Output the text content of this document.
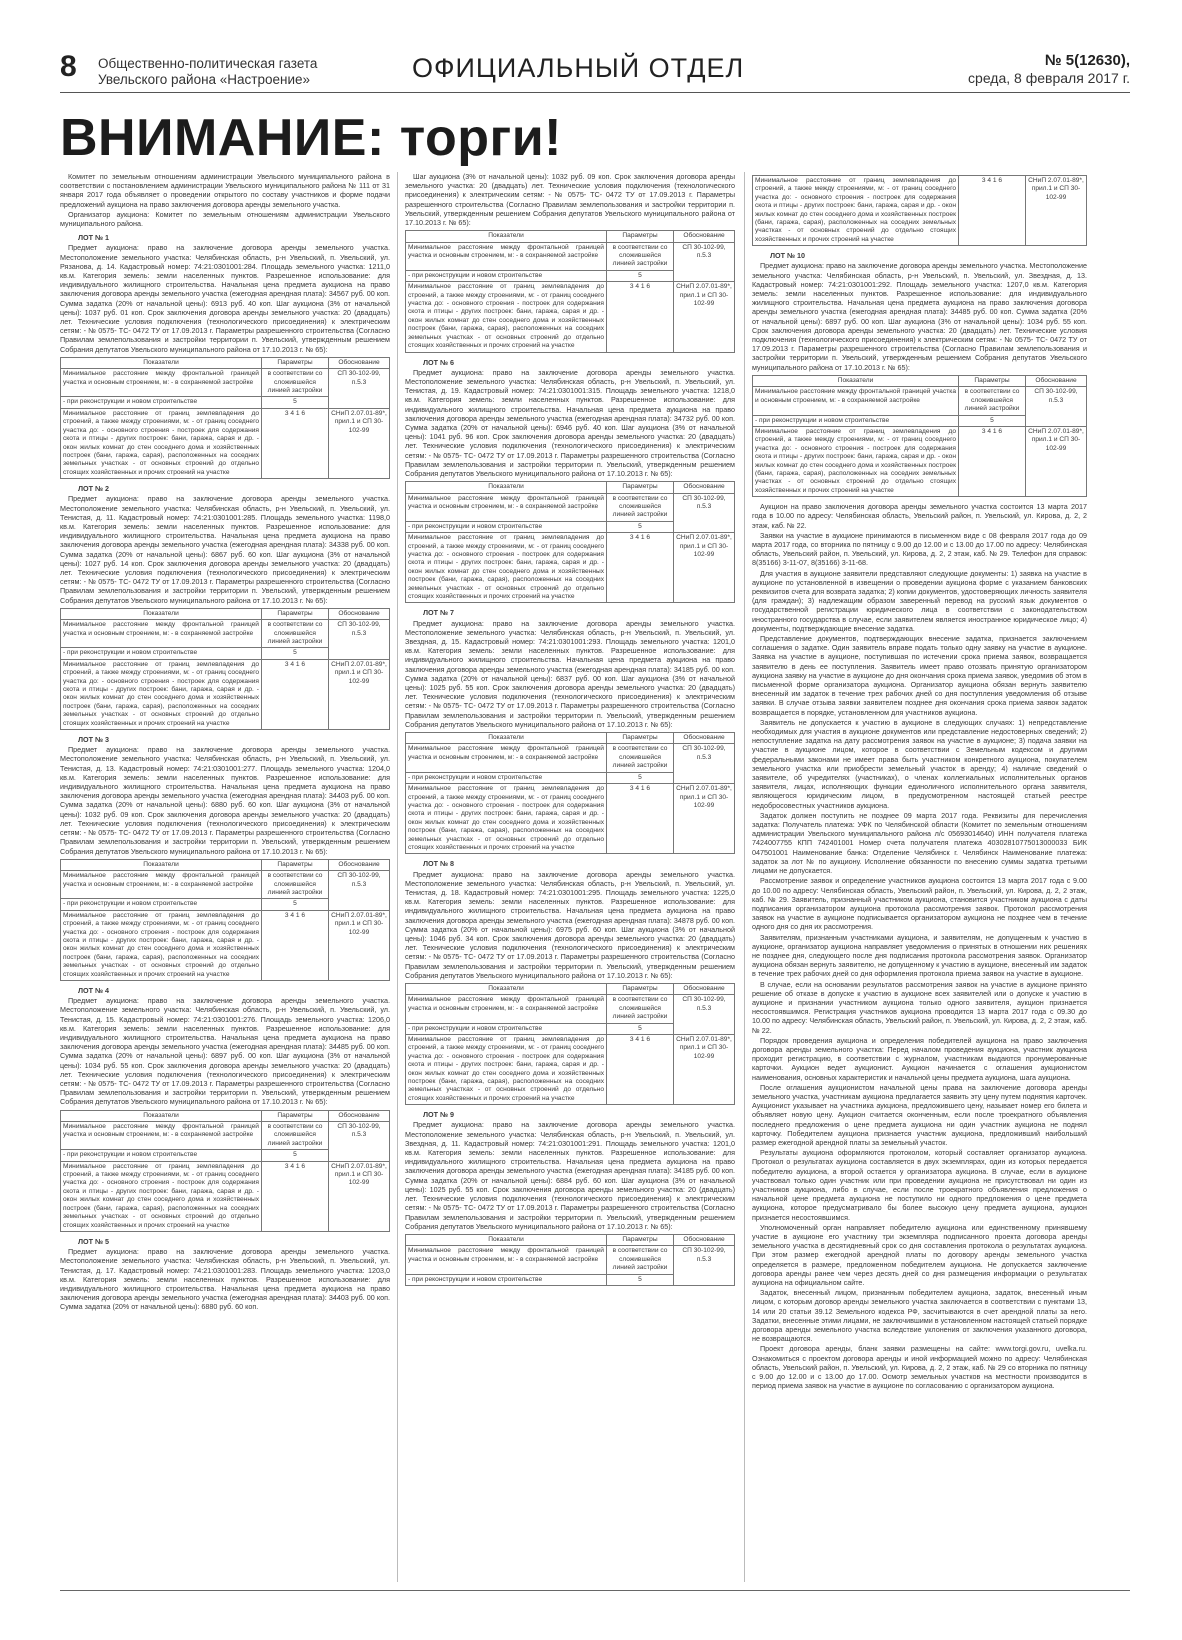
8 Общественно-политическая газета
Увельского района «Настроение»	ОФИЦИАЛЬНЫЙ ОТДЕЛ	№ 5(12630),
среда, 8 февраля 2017 г.
ВНИМАНИЕ: торги!

Комитет по земельным отношениям администрации Увельского муниципального района в соответствии с постановлением администрации Увельского муниципального района № 111 от 31 января 2017 года объявляет о проведении открытого по составу участников и форме подачи предложений аукциона на право заключения договора аренды земельного участка.

Организатор аукциона: Комитет по земельным отношениям администрации Увельского муниципального района.

ЛОТ № 1

Предмет аукциона: право на заключение договора аренды земельного участка. Местоположение земельного участка: Челябинская область, р-н Увельский, п. Увельский, ул. Рязанова, д. 14. Кадастровый номер: 74:21:0301001:284. Площадь земельного участка: 1211,0 кв.м. Категория земель: земли населенных пунктов. Разрешенное использование: для индивидуального жилищного строительства. Начальная цена предмета аукциона на право заключения договора аренды земельного участка (ежегодная арендная плата): 34567 руб. 00 коп. Сумма задатка (20% от начальной цены): 6913 руб. 40 коп. Шаг аукциона (3% от начальной цены): 1037 руб. 01 коп. Срок заключения договора аренды земельного участка: 20 (двадцать) лет. Технические условия подключения (технологического присоединения) к электрическим сетям: - № 0575- ТС- 0472 ТУ от 17.09.2013 г. Параметры разрешенного строительства (Согласно Правилам землепользования и застройки территории п. Увельский, утвержденным решением Собрания депутатов Увельского муниципального района от 17.10.2013 г. № 65):

Показатели	Параметры	Обоснование
Минимальное расстояние между фронтальной границей участка и основным строением, м: - в сохраняемой застройке	в соответствии со сложившейся линией застройки	СП 30-102-99, п.5.3
- при реконструкции и новом строительстве	5	
Минимальное расстояние от границ землевладения до строений, а также между строениями, м: - от границ соседнего участка до: - основного строения - построек для содержания скота и птицы - других построек: бани, гаража, сарая и др. - окон жилых комнат до стен соседнего дома и хозяйственных построек (бани, гаража, сарая), расположенных на соседних земельных участках - от основных строений до отдельно стоящих хозяйственных и прочих строений на участке	3 4 1 6	СНиП 2.07.01-89*, прил.1 и СП 30-102-99
ЛОТ № 2

Предмет аукциона: право на заключение договора аренды земельного участка. Местоположение земельного участка: Челябинская область, р-н Увельский, п. Увельский, ул. Тенистая, д. 11. Кадастровый номер: 74:21:0301001:285. Площадь земельного участка: 1198,0 кв.м. Категория земель: земли населенных пунктов. Разрешенное использование: для индивидуального жилищного строительства. Начальная цена предмета аукциона на право заключения договора аренды земельного участка (ежегодная арендная плата): 34338 руб. 00 коп. Сумма задатка (20% от начальной цены): 6867 руб. 60 коп. Шаг аукциона (3% от начальной цены): 1027 руб. 14 коп. Срок заключения договора аренды земельного участка: 20 (двадцать) лет. Технические условия подключения (технологического присоединения) к электрическим сетям: - № 0575- ТС- 0472 ТУ от 17.09.2013 г. Параметры разрешенного строительства (Согласно Правилам землепользования и застройки территории п. Увельский, утвержденным решением Собрания депутатов Увельского муниципального района от 17.10.2013 г. № 65):

Показатели	Параметры	Обоснование
Минимальное расстояние между фронтальной границей участка и основным строением, м: - в сохраняемой застройке	в соответствии со сложившейся линией застройки	СП 30-102-99, п.5.3
- при реконструкции и новом строительстве	5	
Минимальное расстояние от границ землевладения до строений, а также между строениями, м: - от границ соседнего участка до: - основного строения - построек для содержания скота и птицы - других построек: бани, гаража, сарая и др. - окон жилых комнат до стен соседнего дома и хозяйственных построек (бани, гаража, сарая), расположенных на соседних земельных участках - от основных строений до отдельно стоящих хозяйственных и прочих строений на участке	3 4 1 6	СНиП 2.07.01-89*, прил.1 и СП 30-102-99
ЛОТ № 3

Предмет аукциона: право на заключение договора аренды земельного участка. Местоположение земельного участка: Челябинская область, р-н Увельский, п. Увельский, ул. Тенистая, д. 13. Кадастровый номер: 74:21:0301001:277. Площадь земельного участка: 1204,0 кв.м. Категория земель: земли населенных пунктов. Разрешенное использование: для индивидуального жилищного строительства. Начальная цена предмета аукциона на право заключения договора аренды земельного участка (ежегодная арендная плата): 34403 руб. 00 коп. Сумма задатка (20% от начальной цены): 6880 руб. 60 коп. Шаг аукциона (3% от начальной цены): 1032 руб. 09 коп. Срок заключения договора аренды земельного участка: 20 (двадцать) лет. Технические условия подключения (технологического присоединения) к электрическим сетям: - № 0575- ТС- 0472 ТУ от 17.09.2013 г. Параметры разрешенного строительства (Согласно Правилам землепользования и застройки территории п. Увельский, утвержденным решением Собрания депутатов Увельского муниципального района от 17.10.2013 г. № 65):

Показатели	Параметры	Обоснование
Минимальное расстояние между фронтальной границей участка и основным строением, м: - в сохраняемой застройке	в соответствии со сложившейся линией застройки	СП 30-102-99, п.5.3
- при реконструкции и новом строительстве	5	
Минимальное расстояние от границ землевладения до строений, а также между строениями, м: - от границ соседнего участка до: - основного строения - построек для содержания скота и птицы - других построек: бани, гаража, сарая и др. - окон жилых комнат до стен соседнего дома и хозяйственных построек (бани, гаража, сарая), расположенных на соседних земельных участках - от основных строений до отдельно стоящих хозяйственных и прочих строений на участке	3 4 1 6	СНиП 2.07.01-89*, прил.1 и СП 30-102-99
ЛОТ № 4

Предмет аукциона: право на заключение договора аренды земельного участка. Местоположение земельного участка: Челябинская область, р-н Увельский, п. Увельский, ул. Тенистая, д. 15. Кадастровый номер: 74:21:0301001:276. Площадь земельного участка: 1206,0 кв.м. Категория земель: земли населенных пунктов. Разрешенное использование: для индивидуального жилищного строительства. Начальная цена предмета аукциона на право заключения договора аренды земельного участка (ежегодная арендная плата): 34485 руб. 00 коп. Сумма задатка (20% от начальной цены): 6897 руб. 00 коп. Шаг аукциона (3% от начальной цены): 1034 руб. 55 коп. Срок заключения договора аренды земельного участка: 20 (двадцать) лет. Технические условия подключения (технологического присоединения) к электрическим сетям: - № 0575- ТС- 0472 ТУ от 17.09.2013 г. Параметры разрешенного строительства (Согласно Правилам землепользования и застройки территории п. Увельский, утвержденным решением Собрания депутатов Увельского муниципального района от 17.10.2013 г. № 65):

Показатели	Параметры	Обоснование
Минимальное расстояние между фронтальной границей участка и основным строением, м: - в сохраняемой застройке	в соответствии со сложившейся линией застройки	СП 30-102-99, п.5.3
- при реконструкции и новом строительстве	5	
Минимальное расстояние от границ землевладения до строений, а также между строениями, м: - от границ соседнего участка до: - основного строения - построек для содержания скота и птицы - других построек: бани, гаража, сарая и др. - окон жилых комнат до стен соседнего дома и хозяйственных построек (бани, гаража, сарая), расположенных на соседних земельных участках - от основных строений до отдельно стоящих хозяйственных и прочих строений на участке	3 4 1 6	СНиП 2.07.01-89*, прил.1 и СП 30-102-99
ЛОТ № 5

Предмет аукциона: право на заключение договора аренды земельного участка. Местоположение земельного участка: Челябинская область, р-н Увельский, п. Увельский, ул. Тенистая, д. 17. Кадастровый номер: 74:21:0301001:283. Площадь земельного участка: 1203,0 кв.м. Категория земель: земли населенных пунктов. Разрешенное использование: для индивидуального жилищного строительства. Начальная цена предмета аукциона на право заключения договора аренды земельного участка (ежегодная арендная плата): 34403 руб. 00 коп. Сумма задатка (20% от начальной цены): 6880 руб. 60 коп.

Шаг аукциона (3% от начальной цены): 1032 руб. 09 коп. Срок заключения договора аренды земельного участка: 20 (двадцать) лет. Технические условия подключения (технологического присоединения) к электрическим сетям: - № 0575- ТС- 0472 ТУ от 17.09.2013 г. Параметры разрешенного строительства (Согласно Правилам землепользования и застройки территории п. Увельский, утвержденным решением Собрания депутатов Увельского муниципального района от 17.10.2013 г. № 65):

Показатели	Параметры	Обоснование
Минимальное расстояние между фронтальной границей участка и основным строением, м: - в сохраняемой застройке	в соответствии со сложившейся линией застройки	СП 30-102-99, п.5.3
- при реконструкции и новом строительстве	5	
Минимальное расстояние от границ землевладения до строений, а также между строениями, м: - от границ соседнего участка до: - основного строения - построек для содержания скота и птицы - других построек: бани, гаража, сарая и др. - окон жилых комнат до стен соседнего дома и хозяйственных построек (бани, гаража, сарая), расположенных на соседних земельных участках - от основных строений до отдельно стоящих хозяйственных и прочих строений на участке	3 4 1 6	СНиП 2.07.01-89*, прил.1 и СП 30-102-99
ЛОТ № 6

Предмет аукциона: право на заключение договора аренды земельного участка. Местоположение земельного участка: Челябинская область, р-н Увельский, п. Увельский, ул. Тенистая, д. 19. Кадастровый номер: 74:21:0301001:315. Площадь земельного участка: 1218,0 кв.м. Категория земель: земли населенных пунктов. Разрешенное использование: для индивидуального жилищного строительства. Начальная цена предмета аукциона на право заключения договора аренды земельного участка (ежегодная арендная плата): 34732 руб. 00 коп. Сумма задатка (20% от начальной цены): 6946 руб. 40 коп. Шаг аукциона (3% от начальной цены): 1041 руб. 96 коп. Срок заключения договора аренды земельного участка: 20 (двадцать) лет. Технические условия подключения (технологического присоединения) к электрическим сетям: - № 0575- ТС- 0472 ТУ от 17.09.2013 г. Параметры разрешенного строительства (Согласно Правилам землепользования и застройки территории п. Увельский, утвержденным решением Собрания депутатов Увельского муниципального района от 17.10.2013 г. № 65):

Показатели	Параметры	Обоснование
Минимальное расстояние между фронтальной границей участка и основным строением, м: - в сохраняемой застройке	в соответствии со сложившейся линией застройки	СП 30-102-99, п.5.3
- при реконструкции и новом строительстве	5	
Минимальное расстояние от границ землевладения до строений, а также между строениями, м: - от границ соседнего участка до: - основного строения - построек для содержания скота и птицы - других построек: бани, гаража, сарая и др. - окон жилых комнат до стен соседнего дома и хозяйственных построек (бани, гаража, сарая), расположенных на соседних земельных участках - от основных строений до отдельно стоящих хозяйственных и прочих строений на участке	3 4 1 6	СНиП 2.07.01-89*, прил.1 и СП 30-102-99
ЛОТ № 7

Предмет аукциона: право на заключение договора аренды земельного участка. Местоположение земельного участка: Челябинская область, р-н Увельский, п. Увельский, ул. Звездная, д. 15. Кадастровый номер: 74:21:0301001:293. Площадь земельного участка: 1201,0 кв.м. Категория земель: земли населенных пунктов. Разрешенное использование: для индивидуального жилищного строительства. Начальная цена предмета аукциона на право заключения договора аренды земельного участка (ежегодная арендная плата): 34185 руб. 00 коп. Сумма задатка (20% от начальной цены): 6837 руб. 00 коп. Шаг аукциона (3% от начальной цены): 1025 руб. 55 коп. Срок заключения договора аренды земельного участка: 20 (двадцать) лет. Технические условия подключения (технологического присоединения) к электрическим сетям: - № 0575- ТС- 0472 ТУ от 17.09.2013 г. Параметры разрешенного строительства (Согласно Правилам землепользования и застройки территории п. Увельский, утвержденным решением Собрания депутатов Увельского муниципального района от 17.10.2013 г. № 65):

Показатели	Параметры	Обоснование
Минимальное расстояние между фронтальной границей участка и основным строением, м: - в сохраняемой застройке	в соответствии со сложившейся линией застройки	СП 30-102-99, п.5.3
- при реконструкции и новом строительстве	5	
Минимальное расстояние от границ землевладения до строений, а также между строениями, м: - от границ соседнего участка до: - основного строения - построек для содержания скота и птицы - других построек: бани, гаража, сарая и др. - окон жилых комнат до стен соседнего дома и хозяйственных построек (бани, гаража, сарая), расположенных на соседних земельных участках - от основных строений до отдельно стоящих хозяйственных и прочих строений на участке	3 4 1 6	СНиП 2.07.01-89*, прил.1 и СП 30-102-99
ЛОТ № 8

Предмет аукциона: право на заключение договора аренды земельного участка. Местоположение земельного участка: Челябинская область, р-н Увельский, п. Увельский, ул. Тенистая, д. 18. Кадастровый номер: 74:21:0301001:295. Площадь земельного участка: 1225,0 кв.м. Категория земель: земли населенных пунктов. Разрешенное использование: для индивидуального жилищного строительства. Начальная цена предмета аукциона на право заключения договора аренды земельного участка (ежегодная арендная плата): 34878 руб. 00 коп. Сумма задатка (20% от начальной цены): 6975 руб. 60 коп. Шаг аукциона (3% от начальной цены): 1046 руб. 34 коп. Срок заключения договора аренды земельного участка: 20 (двадцать) лет. Технические условия подключения (технологического присоединения) к электрическим сетям: - № 0575- ТС- 0472 ТУ от 17.09.2013 г. Параметры разрешенного строительства (Согласно Правилам землепользования и застройки территории п. Увельский, утвержденным решением Собрания депутатов Увельского муниципального района от 17.10.2013 г. № 65):

Показатели	Параметры	Обоснование
Минимальное расстояние между фронтальной границей участка и основным строением, м: - в сохраняемой застройке	в соответствии со сложившейся линией застройки	СП 30-102-99, п.5.3
- при реконструкции и новом строительстве	5	
Минимальное расстояние от границ землевладения до строений, а также между строениями, м: - от границ соседнего участка до: - основного строения - построек для содержания скота и птицы - других построек: бани, гаража, сарая и др. - окон жилых комнат до стен соседнего дома и хозяйственных построек (бани, гаража, сарая), расположенных на соседних земельных участках - от основных строений до отдельно стоящих хозяйственных и прочих строений на участке	3 4 1 6	СНиП 2.07.01-89*, прил.1 и СП 30-102-99
ЛОТ № 9

Предмет аукциона: право на заключение договора аренды земельного участка. Местоположение земельного участка: Челябинская область, р-н Увельский, п. Увельский, ул. Звездная, д. 11. Кадастровый номер: 74:21:0301001:291. Площадь земельного участка: 1201,0 кв.м. Категория земель: земли населенных пунктов. Разрешенное использование: для индивидуального жилищного строительства. Начальная цена предмета аукциона на право заключения договора аренды земельного участка (ежегодная арендная плата): 34185 руб. 00 коп. Сумма задатка (20% от начальной цены): 6884 руб. 60 коп. Шаг аукциона (3% от начальной цены): 1025 руб. 55 коп. Срок заключения договора аренды земельного участка: 20 (двадцать) лет. Технические условия подключения (технологического присоединения) к электрическим сетям: - № 0575- ТС- 0472 ТУ от 17.09.2013 г. Параметры разрешенного строительства (Согласно Правилам землепользования и застройки территории п. Увельский, утвержденным решением Собрания депутатов Увельского муниципального района от 17.10.2013 г. № 65):

Показатели	Параметры	Обоснование
Минимальное расстояние между фронтальной границей участка и основным строением, м: - в сохраняемой застройке	в соответствии со сложившейся линией застройки	СП 30-102-99, п.5.3
- при реконструкции и новом строительстве	5	
Минимальное расстояние от границ землевладения до строений, а также между строениями, м: - от границ соседнего участка до: - основного строения - построек для содержания скота и птицы - других построек: бани, гаража, сарая и др. - окон жилых комнат до стен соседнего дома и хозяйственных построек (бани, гаража, сарая), расположенных на соседних земельных участках - от основных строений до отдельно стоящих хозяйственных и прочих строений на участке	3 4 1 6	СНиП 2.07.01-89*, прил.1 и СП 30-102-99
ЛОТ № 10

Предмет аукциона: право на заключение договора аренды земельного участка. Местоположение земельного участка: Челябинская область, р-н Увельский, п. Увельский, ул. Звездная, д. 13. Кадастровый номер: 74:21:0301001:292. Площадь земельного участка: 1207,0 кв.м. Категория земель: земли населенных пунктов. Разрешенное использование: для индивидуального жилищного строительства. Начальная цена предмета аукциона на право заключения договора аренды земельного участка (ежегодная арендная плата): 34485 руб. 00 коп. Сумма задатка (20% от начальной цены): 6897 руб. 00 коп. Шаг аукциона (3% от начальной цены): 1034 руб. 55 коп. Срок заключения договора аренды земельного участка: 20 (двадцать) лет. Технические условия подключения (технологического присоединения) к электрическим сетям: - № 0575- ТС- 0472 ТУ от 17.09.2013 г. Параметры разрешенного строительства (Согласно Правилам землепользования и застройки территории п. Увельский, утвержденным решением Собрания депутатов Увельского муниципального района от 17.10.2013 г. № 65):

Показатели	Параметры	Обоснование
Минимальное расстояние между фронтальной границей участка и основным строением, м: - в сохраняемой застройке	в соответствии со сложившейся линией застройки	СП 30-102-99, п.5.3
- при реконструкции и новом строительстве	5	
Минимальное расстояние от границ землевладения до строений, а также между строениями, м: - от границ соседнего участка до: - основного строения - построек для содержания скота и птицы - других построек: бани, гаража, сарая и др. - окон жилых комнат до стен соседнего дома и хозяйственных построек (бани, гаража, сарая), расположенных на соседних земельных участках - от основных строений до отдельно стоящих хозяйственных и прочих строений на участке	3 4 1 6	СНиП 2.07.01-89*, прил.1 и СП 30-102-99

Аукцион на право заключения договора аренды земельного участка состоится 13 марта 2017 года в 10.00 по адресу: Челябинская область, Увельский район, п. Увельский, ул. Кирова, д. 2, 2 этаж, каб. № 22.

Заявки на участие в аукционе принимаются в письменном виде с 08 февраля 2017 года до 09 марта 2017 года, со вторника по пятницу с 9.00 до 12.00 и с 13.00 до 17.00 по адресу: Челябинская область, Увельский район, п. Увельский, ул. Кирова, д. 2, 2 этаж, каб. № 29. Телефон для справок: 8(35166) 3-11-07, 8(35166) 3-11-68.

Для участия в аукционе заявители представляют следующие документы: 1) заявка на участие в аукционе по установленной в извещении о проведении аукциона форме с указанием банковских реквизитов счета для возврата задатка; 2) копии документов, удостоверяющих личность заявителя (для граждан); 3) надлежащим образом заверенный перевод на русский язык документов о государственной регистрации юридического лица в соответствии с законодательством иностранного государства в случае, если заявителем является иностранное юридическое лицо; 4) документы, подтверждающие внесение задатка.

Представление документов, подтверждающих внесение задатка, признается заключением соглашения о задатке. Один заявитель вправе подать только одну заявку на участие в аукционе. Заявка на участие в аукционе, поступившая по истечении срока приема заявок, возвращается заявителю в день ее поступления. Заявитель имеет право отозвать принятую организатором аукциона заявку на участие в аукционе до дня окончания срока приема заявок, уведомив об этом в письменной форме организатора аукциона. Организатор аукциона обязан вернуть заявителю внесенный им задаток в течение трех рабочих дней со дня поступления уведомления об отзыве заявки. В случае отзыва заявки заявителем позднее дня окончания срока приема заявок задаток возвращается в порядке, установленном для участников аукциона.

Заявитель не допускается к участию в аукционе в следующих случаях: 1) непредставление необходимых для участия в аукционе документов или представление недостоверных сведений; 2) непоступление задатка на дату рассмотрения заявок на участие в аукционе; 3) подача заявки на участие в аукционе лицом, которое в соответствии с Земельным кодексом и другими федеральными законами не имеет права быть участником конкретного аукциона, покупателем земельного участка или приобрести земельный участок в аренду; 4) наличие сведений о заявителе, об учредителях (участниках), о членах коллегиальных исполнительных органов заявителя, лицах, исполняющих функции единоличного исполнительного органа заявителя, являющегося юридическим лицом, в предусмотренном настоящей статьей реестре недобросовестных участников аукциона.

Задаток должен поступить не позднее 09 марта 2017 года. Реквизиты для перечисления задатка: Получатель платежа: УФК по Челябинской области (Комитет по земельным отношениям администрации Увельского муниципального района л/с 05693014640) ИНН получателя платежа 7424007755 КПП 742401001 Номер счета получателя платежа 40302810775013000033 БИК 047501001 Наименование банка: Отделение Челябинск г. Челябинск Наименование платежа: задаток за лот № по аукциону. Исполнение обязанности по внесению суммы задатка третьими лицами не допускается.

Рассмотрение заявок и определение участников аукциона состоится 13 марта 2017 года с 9.00 до 10.00 по адресу: Челябинская область, Увельский район, п. Увельский, ул. Кирова, д. 2, 2 этаж, каб. № 29. Заявитель, признанный участником аукциона, становится участником аукциона с даты подписания организатором аукциона протокола рассмотрения заявок. Протокол рассмотрения заявок на участие в аукционе подписывается организатором аукциона не позднее чем в течение одного дня со дня их рассмотрения.

Заявителям, признанным участниками аукциона, и заявителям, не допущенным к участию в аукционе, организатор аукциона направляет уведомления о принятых в отношении них решениях не позднее дня, следующего после дня подписания протокола рассмотрения заявок. Организатор аукциона обязан вернуть заявителю, не допущенному к участию в аукционе, внесенный им задаток в течение трех рабочих дней со дня оформления протокола приема заявок на участие в аукционе.

В случае, если на основании результатов рассмотрения заявок на участие в аукционе принято решение об отказе в допуске к участию в аукционе всех заявителей или о допуске к участию в аукционе и признании участником аукциона только одного заявителя, аукцион признается несостоявшимся. Регистрация участников аукциона проводится 13 марта 2017 года с 09.30 до 10.00 по адресу: Челябинская область, Увельский район, п. Увельский, ул. Кирова, д. 2, 2 этаж, каб. № 22.

Порядок проведения аукциона и определения победителей аукциона на право заключения договора аренды земельного участка: Перед началом проведения аукциона, участник аукциона проходит регистрацию, в соответствии с журналом, участникам выдаются пронумерованные карточки. Аукцион ведет аукционист. Аукцион начинается с оглашения аукционистом наименования, основных характеристик и начальной цены предмета аукциона, шага аукциона.

После оглашения аукционистом начальной цены права на заключение договора аренды земельного участка, участникам аукциона предлагается заявить эту цену путем поднятия карточек. Аукционист указывает на участника аукциона, предложившего цену, называет номер его билета и объявляет новую цену. Аукцион считается оконченным, если после троекратного объявления последнего предложения о цене предмета аукциона ни один участник аукциона не поднял карточку. Победителем аукциона признается участник аукциона, предложивший наибольший размер ежегодной арендной платы за земельный участок.

Результаты аукциона оформляются протоколом, который составляет организатор аукциона. Протокол о результатах аукциона составляется в двух экземплярах, один из которых передается победителю аукциона, а второй остается у организатора аукциона. В случае, если в аукционе участвовал только один участник или при проведении аукциона не присутствовал ни один из участников аукциона, либо в случае, если после троекратного объявления предложения о начальной цене предмета аукциона не поступило ни одного предложения о цене предмета аукциона, которое предусматривало бы более высокую цену предмета аукциона, аукцион признается несостоявшимся.

Уполномоченный орган направляет победителю аукциона или единственному принявшему участие в аукционе его участнику три экземпляра подписанного проекта договора аренды земельного участка в десятидневный срок со дня составления протокола о результатах аукциона. При этом размер ежегодной арендной платы по договору аренды земельного участка определяется в размере, предложенном победителем аукциона. Не допускается заключение договора аренды ранее чем через десять дней со дня размещения информации о результатах аукциона на официальном сайте.

Задаток, внесенный лицом, признанным победителем аукциона, задаток, внесенный иным лицом, с которым договор аренды земельного участка заключается в соответствии с пунктами 13, 14 или 20 статьи 39.12 Земельного кодекса РФ, засчитываются в счет арендной платы за него. Задатки, внесенные этими лицами, не заключившими в установленном настоящей статьей порядке договора аренды земельного участка вследствие уклонения от заключения указанного договора, не возвращаются.

Проект договора аренды, бланк заявки размещены на сайте: www.torgi.gov.ru, uvelka.ru. Ознакомиться с проектом договора аренды и иной информацией можно по адресу: Челябинская область, Увельский район, п. Увельский, ул. Кирова, д. 2, 2 этаж, каб. № 29 со вторника по пятницу с 9.00 до 12.00 и с 13.00 до 17.00. Осмотр земельных участков на местности производится в период приема заявок на участие в аукционе по согласованию с организатором аукциона.
